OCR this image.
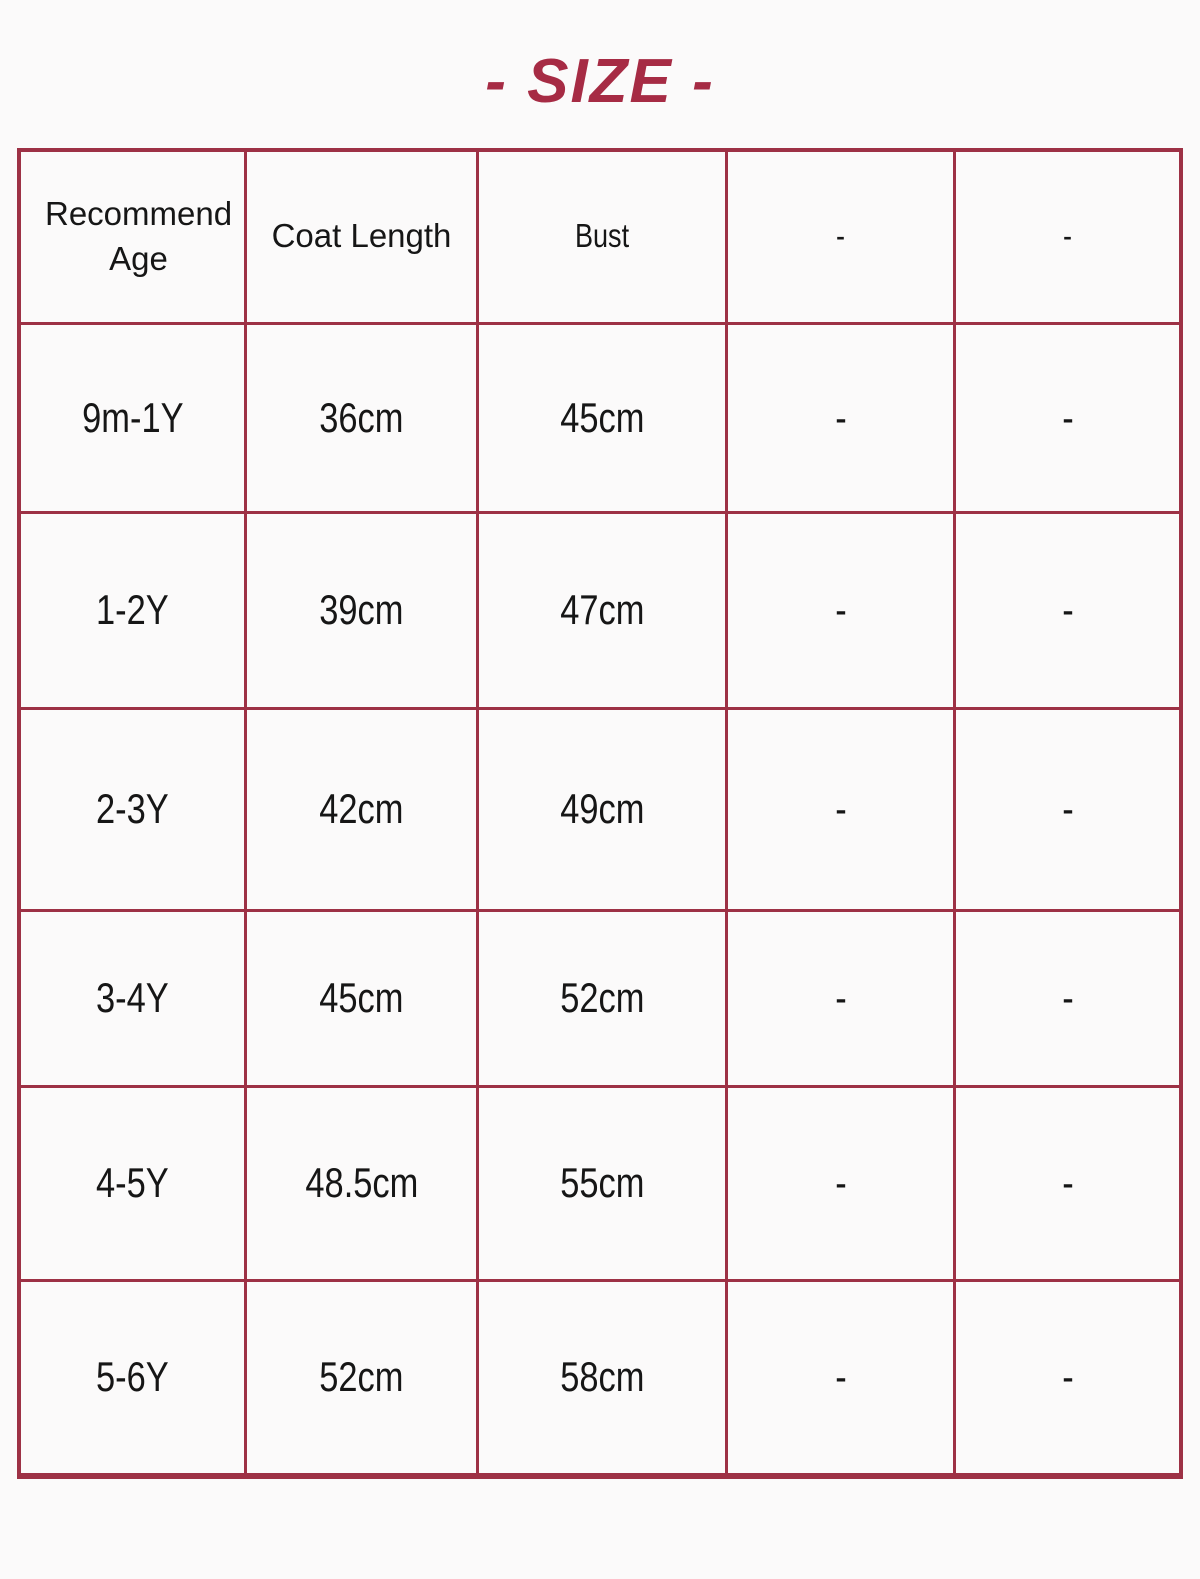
- SIZE -
Recommend Age	Coat Length	Bust	-	-
9m-1Y	36cm	45cm	-	-
1-2Y	39cm	47cm	-	-
2-3Y	42cm	49cm	-	-
3-4Y	45cm	52cm	-	-
4-5Y	48.5cm	55cm	-	-
5-6Y	52cm	58cm	-	-
